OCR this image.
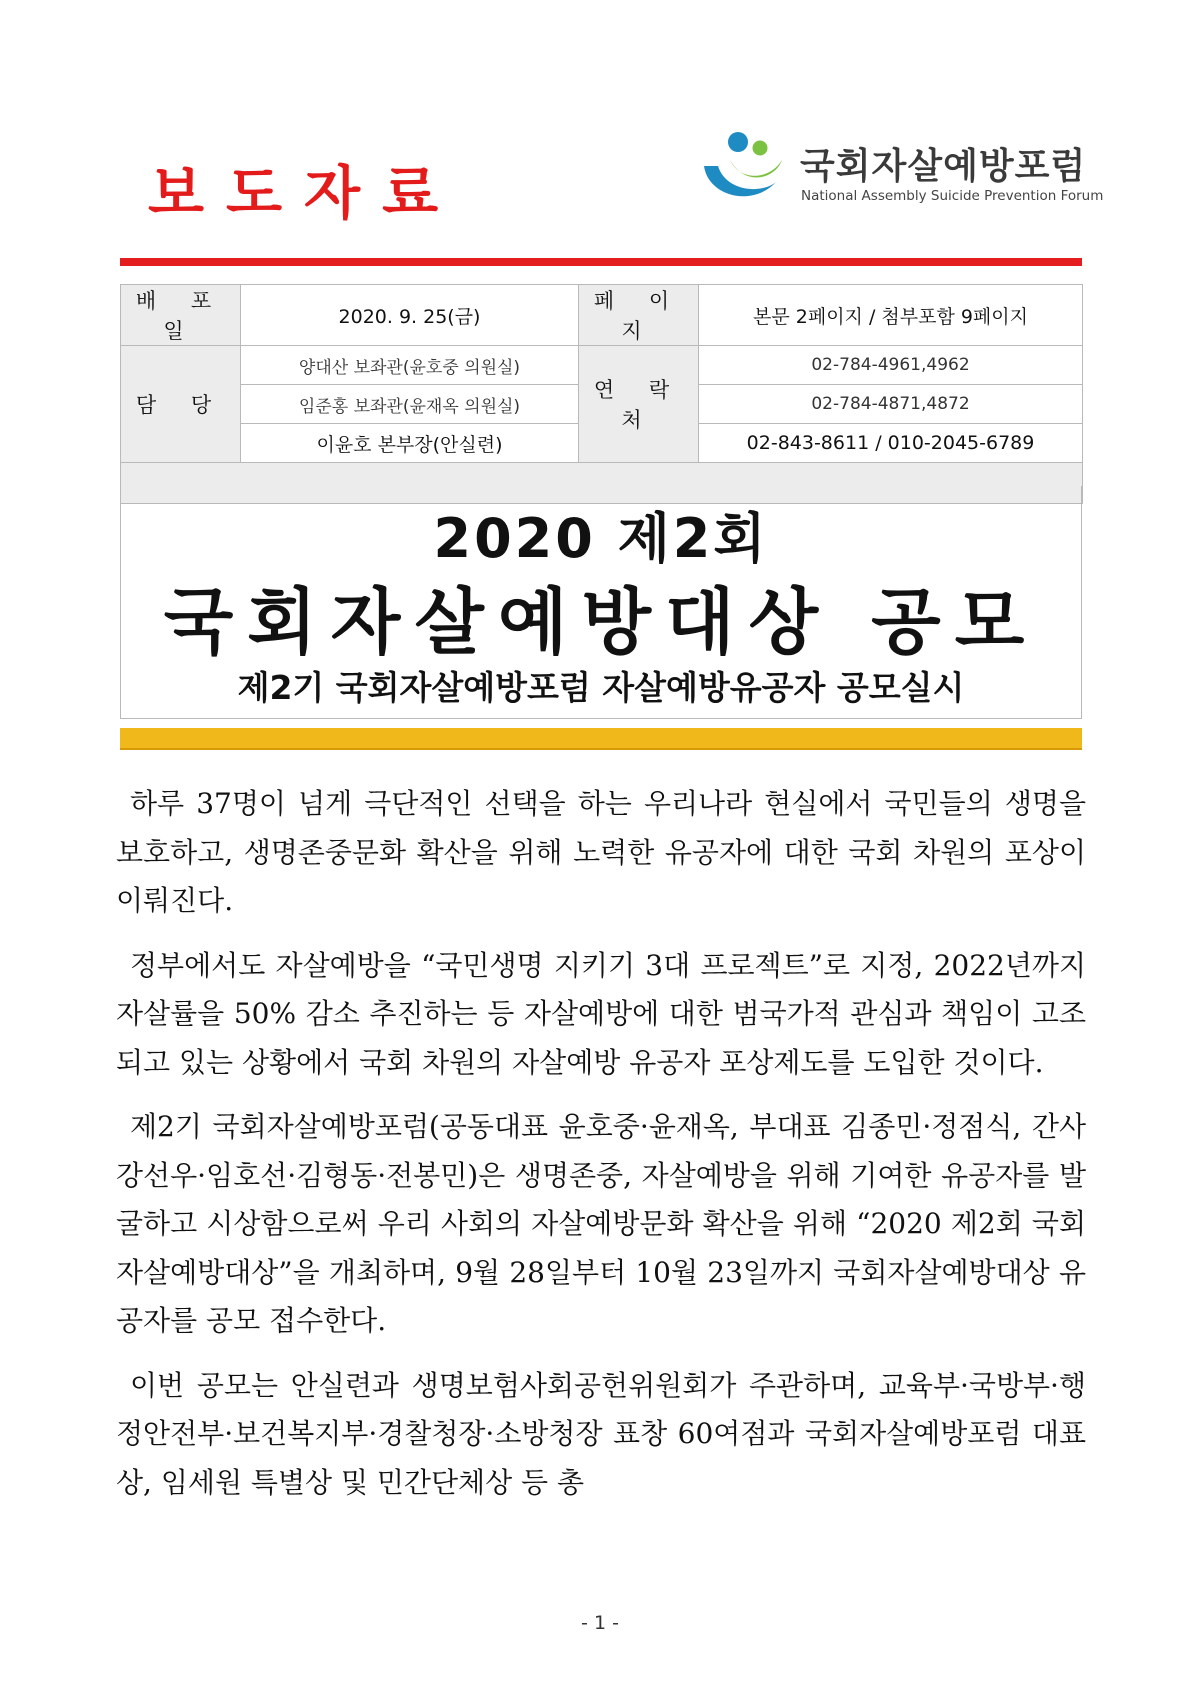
보도자료	국회자살예방포럼
National Assembly Suicide Prevention Forum
배 포 일	2020. 9. 25(금)	페 이 지	본문 2페이지 / 첨부포함 9페이지
담 당	양대산 보좌관(윤호중 의원실)	연 락 처	02-784-4961,4962
	임준홍 보좌관(윤재옥 의원실)		02-784-4871,4872
	이윤호 본부장(안실련)		02-843-8611 / 010-2045-6789

2020 제2회
국회자살예방대상 공모
제2기 국회자살예방포럼 자살예방유공자 공모실시

하루 37명이 넘게 극단적인 선택을 하는 우리나라 현실에서 국민들의 생명을 보호하고, 생명존중문화 확산을 위해 노력한 유공자에 대한 국회 차원의 포상이 이뤄진다.

정부에서도 자살예방을 “국민생명 지키기 3대 프로젝트”로 지정, 2022년까지 자살률을 50% 감소 추진하는 등 자살예방에 대한 범국가적 관심과 책임이 고조되고 있는 상황에서 국회 차원의 자살예방 유공자 포상제도를 도입한 것이다.

제2기 국회자살예방포럼(공동대표 윤호중·윤재옥, 부대표 김종민·정점식, 간사 강선우·임호선·김형동·전봉민)은 생명존중, 자살예방을 위해 기여한 유공자를 발굴하고 시상함으로써 우리 사회의 자살예방문화 확산을 위해 “2020 제2회 국회자살예방대상”을 개최하며, 9월 28일부터 10월 23일까지 국회자살예방대상 유공자를 공모 접수한다.

이번 공모는 안실련과 생명보험사회공헌위원회가 주관하며, 교육부·국방부·행정안전부·보건복지부·경찰청장·소방청장 표창 60여점과 국회자살예방포럼 대표상, 임세원 특별상 및 민간단체상 등 총

- 1 -
